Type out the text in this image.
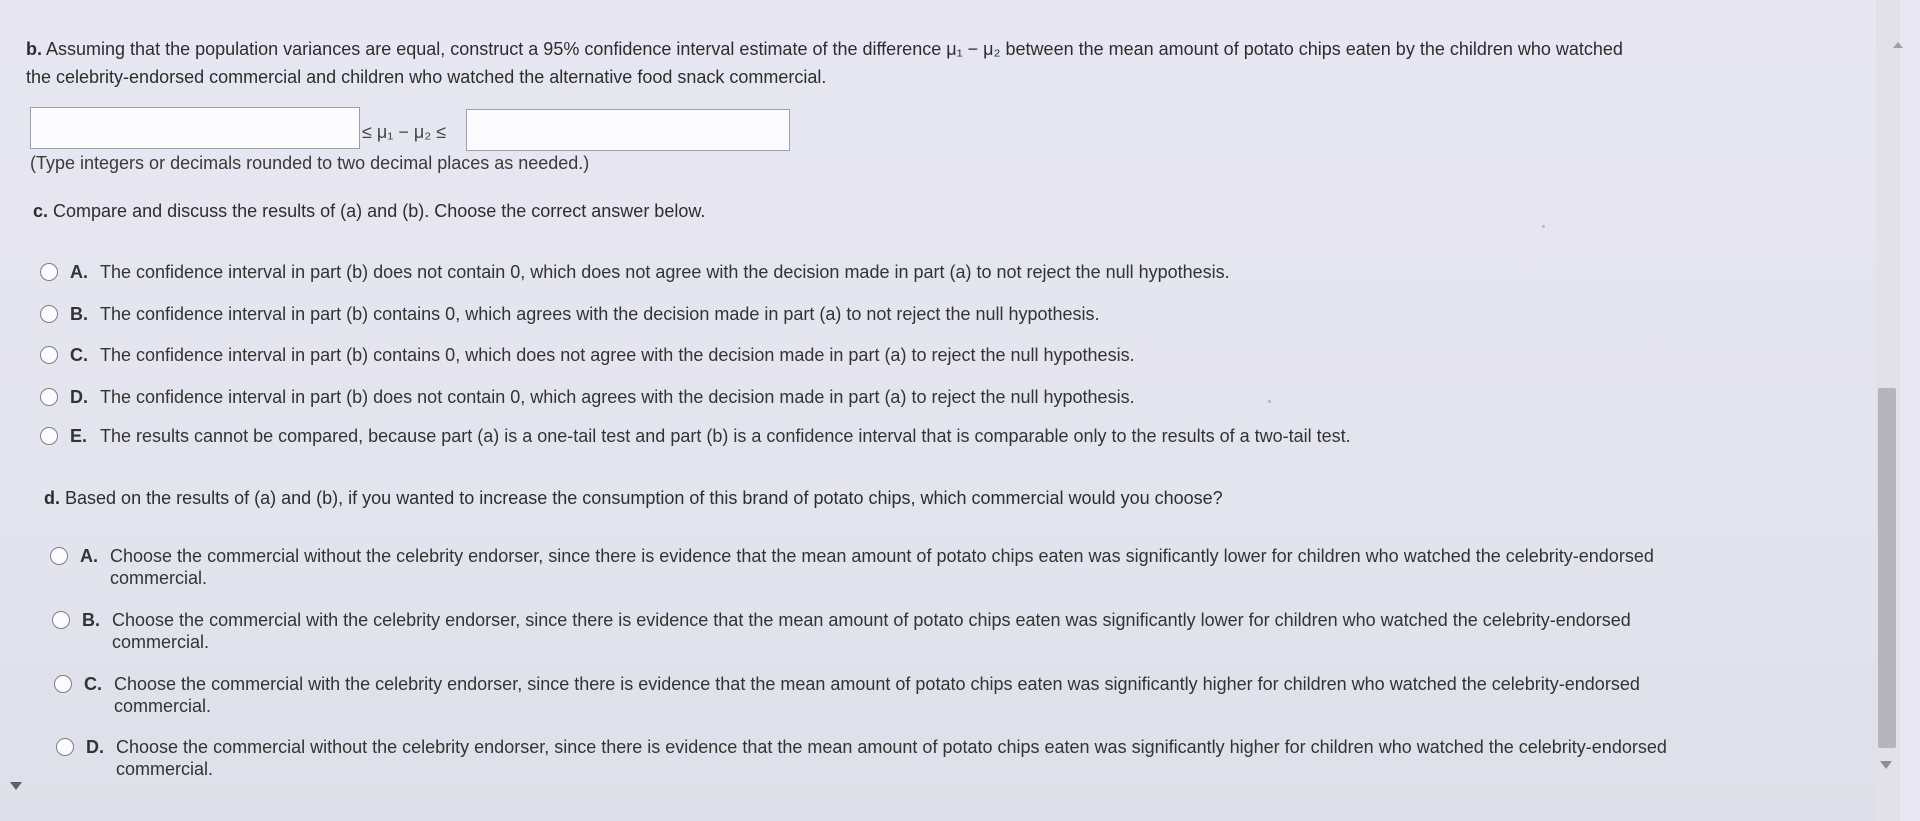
b. Assuming that the population variances are equal, construct a 95% confidence interval estimate of the difference μ₁ − μ₂ between the mean amount of potato chips eaten by the children who watched
the celebrity-endorsed commercial and children who watched the alternative food snack commercial.
≤ μ₁ − μ₂ ≤
(Type integers or decimals rounded to two decimal places as needed.)
c. Compare and discuss the results of (a) and (b). Choose the correct answer below.
A. The confidence interval in part (b) does not contain 0, which does not agree with the decision made in part (a) to not reject the null hypothesis.
B. The confidence interval in part (b) contains 0, which agrees with the decision made in part (a) to not reject the null hypothesis.
C. The confidence interval in part (b) contains 0, which does not agree with the decision made in part (a) to reject the null hypothesis.
D. The confidence interval in part (b) does not contain 0, which agrees with the decision made in part (a) to reject the null hypothesis.
E. The results cannot be compared, because part (a) is a one-tail test and part (b) is a confidence interval that is comparable only to the results of a two-tail test.
d. Based on the results of (a) and (b), if you wanted to increase the consumption of this brand of potato chips, which commercial would you choose?
A. Choose the commercial without the celebrity endorser, since there is evidence that the mean amount of potato chips eaten was significantly lower for children who watched the celebrity-endorsed
commercial.
B. Choose the commercial with the celebrity endorser, since there is evidence that the mean amount of potato chips eaten was significantly lower for children who watched the celebrity-endorsed
commercial.
C. Choose the commercial with the celebrity endorser, since there is evidence that the mean amount of potato chips eaten was significantly higher for children who watched the celebrity-endorsed
commercial.
D. Choose the commercial without the celebrity endorser, since there is evidence that the mean amount of potato chips eaten was significantly higher for children who watched the celebrity-endorsed
commercial.
